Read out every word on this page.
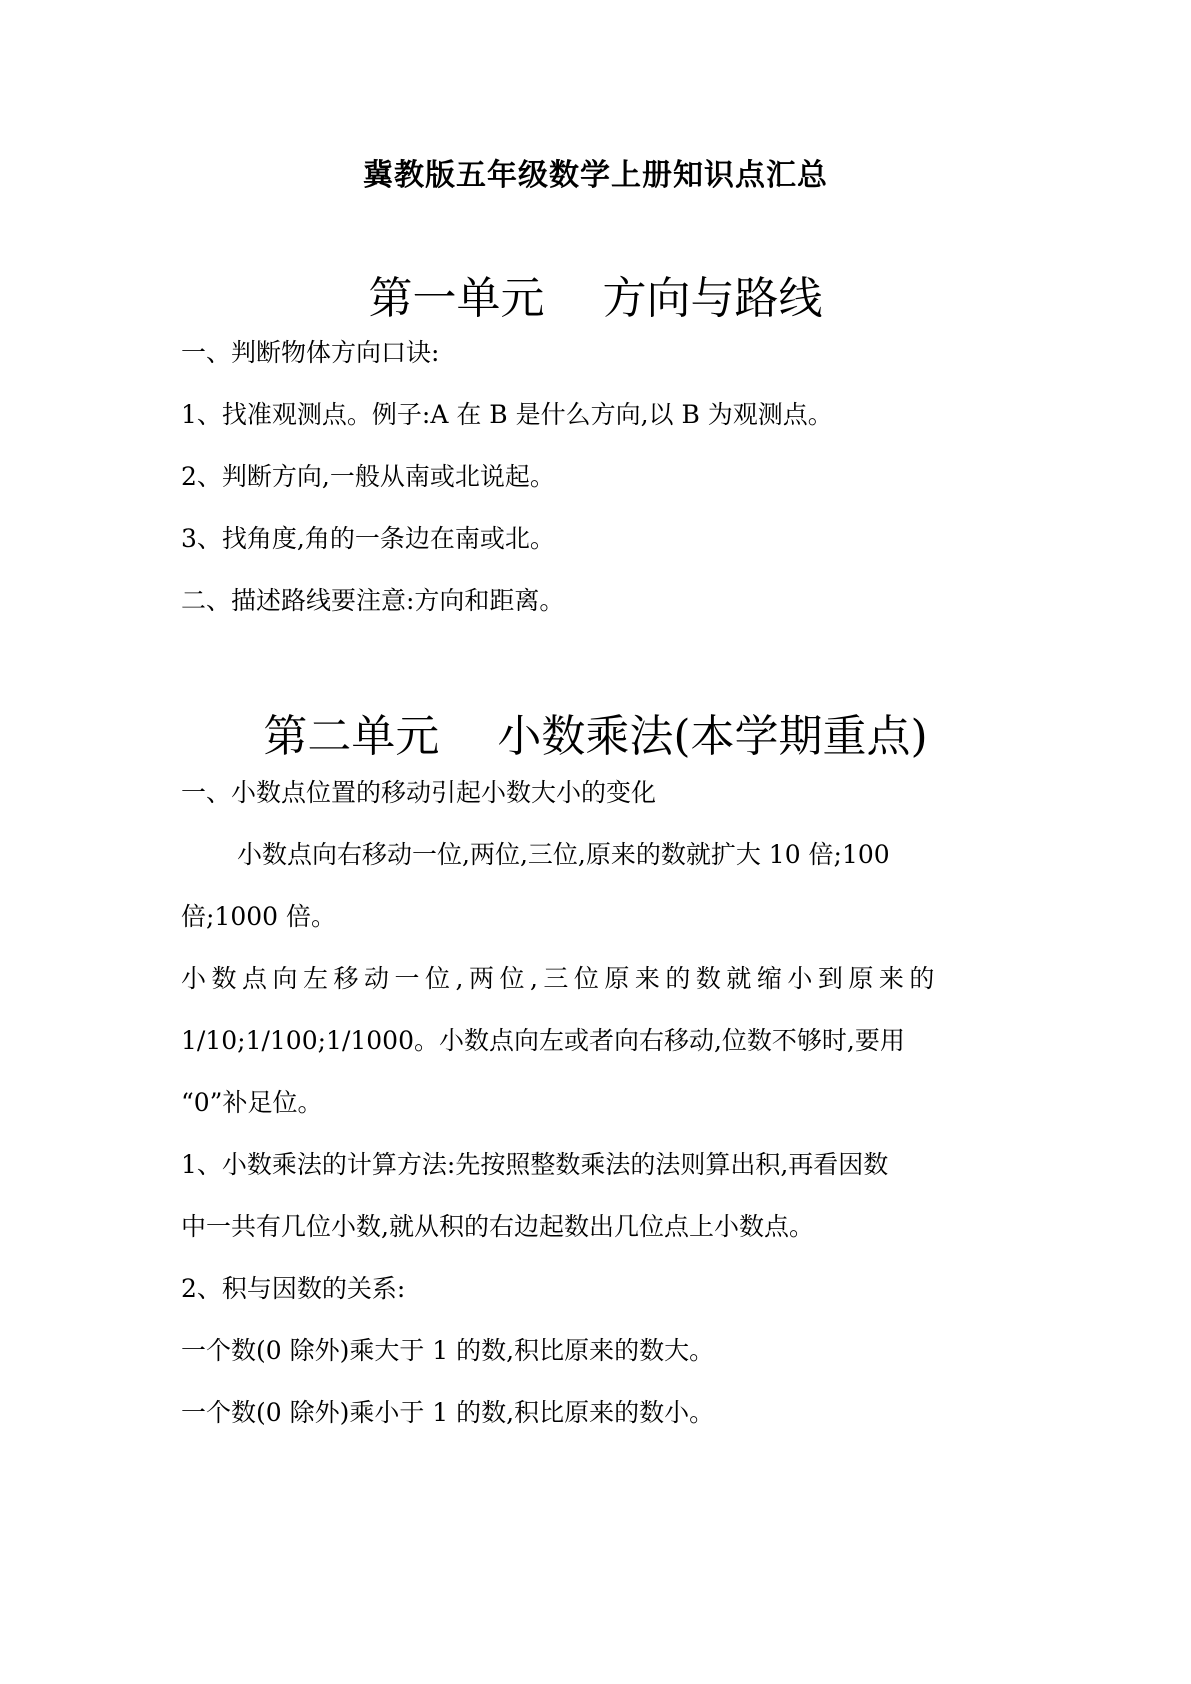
冀教版五年级数学上册知识点汇总
第一单元　 方向与路线
一、判断物体方向口诀:
1、找准观测点。例子:A 在 B 是什么方向,以 B 为观测点。
2、判断方向,一般从南或北说起。
3、找角度,角的一条边在南或北。
二、描述路线要注意:方向和距离。
第二单元　 小数乘法(本学期重点)
一、小数点位置的移动引起小数大小的变化
小数点向右移动一位,两位,三位,原来的数就扩大 10 倍;100
倍;1000 倍。
小数点向左移动一位,两位,三位原来的数就缩小到原来的
1/10;1/100;1/1000。小数点向左或者向右移动,位数不够时,要用
“0”补足位。
1、小数乘法的计算方法:先按照整数乘法的法则算出积,再看因数
中一共有几位小数,就从积的右边起数出几位点上小数点。
2、积与因数的关系:
一个数(0 除外)乘大于 1 的数,积比原来的数大。
一个数(0 除外)乘小于 1 的数,积比原来的数小。
